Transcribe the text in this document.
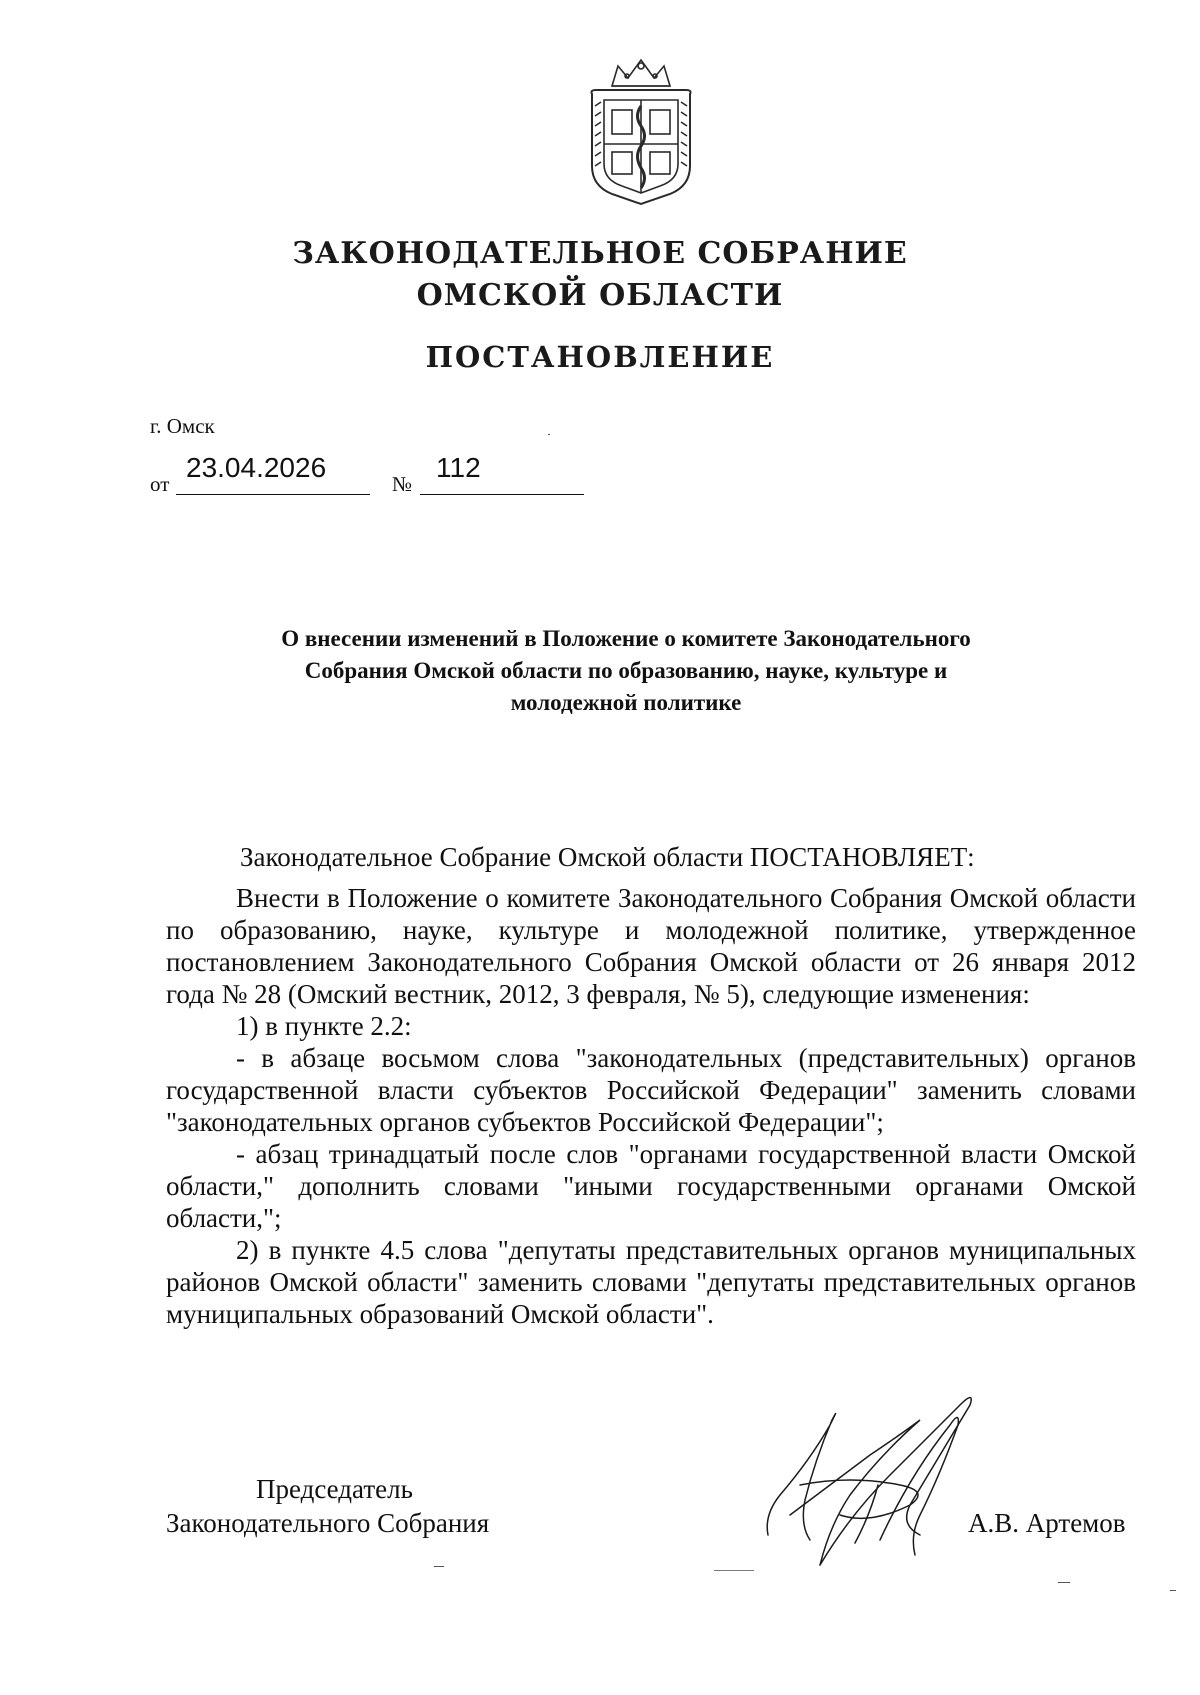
ЗАКОНОДАТЕЛЬНОЕ СОБРАНИЕ
ОМСКОЙ ОБЛАСТИ
ПОСТАНОВЛЕНИЕ
г. Омск
от
23.04.2026
№
112
О внесении изменений в Положение о комитете Законодательного
Собрания Омской области по образованию, науке, культуре и
молодежной политике
Законодательное Собрание Омской области ПОСТАНОВЛЯЕТ:

Внести в Положение о комитете Законодательного Собрания Омской области по образованию, науке, культуре и молодежной политике, утвержденное постановлением Законодательного Собрания Омской области от 26 января 2012 года № 28 (Омский вестник, 2012, 3 февраля, № 5), следующие изменения:

1) в пункте 2.2:

- в абзаце восьмом слова "законодательных (представительных) органов государственной власти субъектов Российской Федерации" заменить словами "законодательных органов субъектов Российской Федерации";

- абзац тринадцатый после слов "органами государственной власти Омской области," дополнить словами "иными государственными органами Омской области,";

2) в пункте 4.5 слова "депутаты представительных органов муниципальных районов Омской области" заменить словами "депутаты представительных органов муниципальных образований Омской области".

Председатель
Законодательного Собрания	А.В. Артемов
